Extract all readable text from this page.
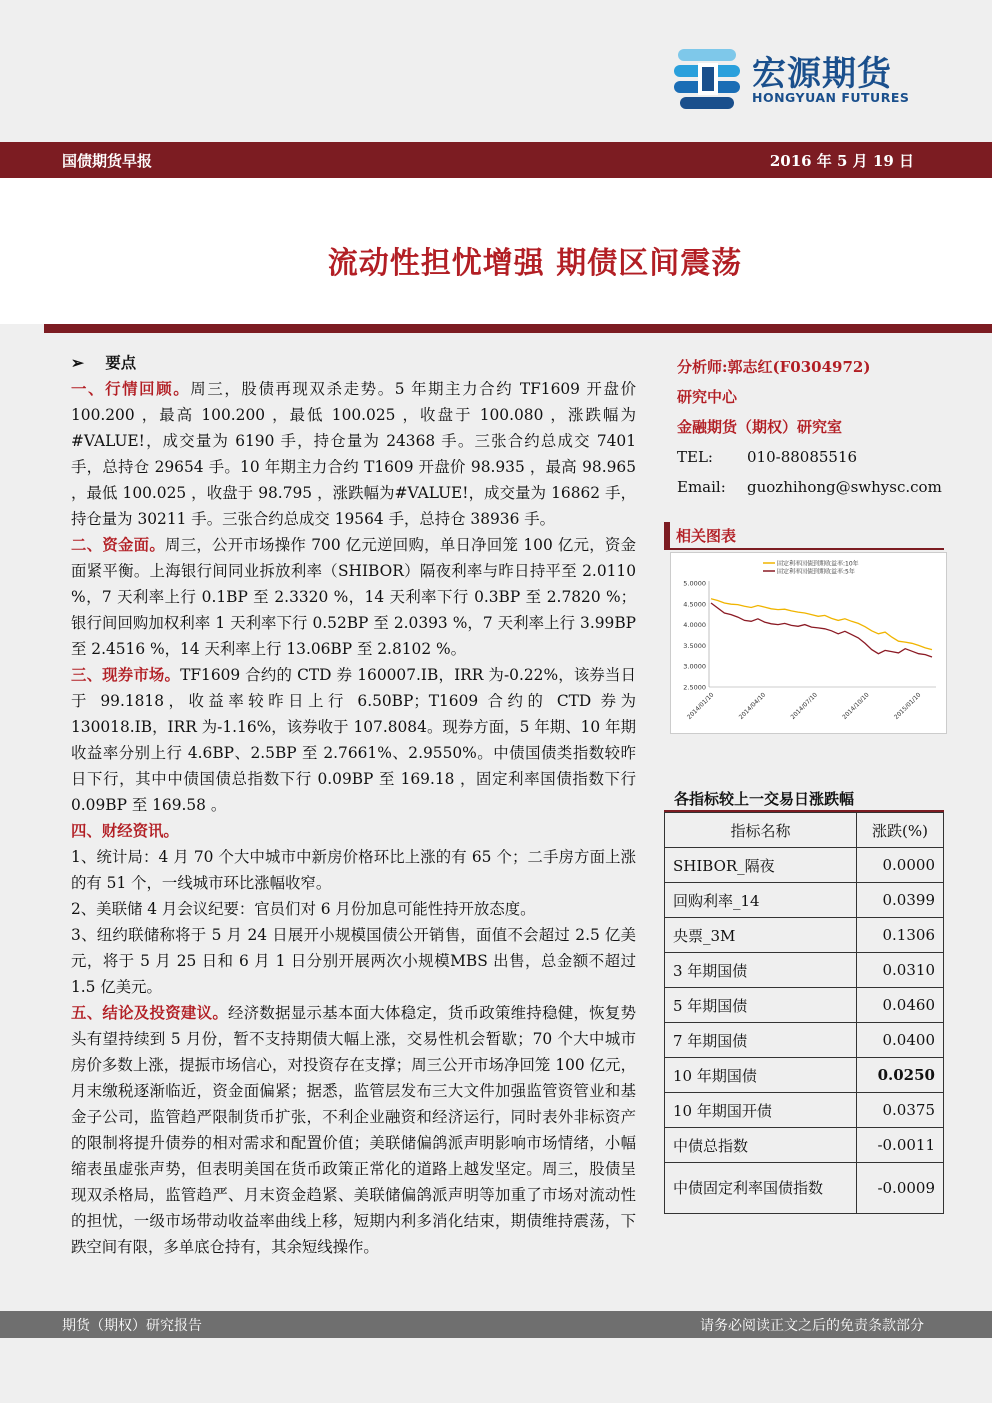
宏源期货
HONGYUAN FUTURES
国债期货早报	2016 年 5 月 19 日
流动性担忧增强 期债区间震荡

➢    要点

一、行情回顾。周三，股债再现双杀走势。5 年期主力合约 TF1609 开盘价 100.200 ，最高 100.200 ，最低 100.025 ，收盘于 100.080 ，涨跌幅为#VALUE!，成交量为 6190 手，持仓量为 24368 手。三张合约总成交 7401 手，总持仓 29654 手。10 年期主力合约 T1609 开盘价 98.935 ，最高 98.965 ，最低 100.025 ，收盘于 98.795 ，涨跌幅为#VALUE!，成交量为 16862 手，持仓量为 30211 手。三张合约总成交 19564 手，总持仓 38936 手。

二、资金面。周三，公开市场操作 700 亿元逆回购，单日净回笼 100 亿元，资金面紧平衡。上海银行间同业拆放利率（SHIBOR）隔夜利率与昨日持平至 2.0110 %，7 天利率上行 0.1BP 至 2.3320 %，14 天利率下行 0.3BP 至 2.7820 %；银行间回购加权利率 1 天利率下行 0.52BP 至 2.0393 %，7 天利率上行 3.99BP 至 2.4516 %，14 天利率上行 13.06BP 至 2.8102 %。

三、现券市场。TF1609 合约的 CTD 券 160007.IB，IRR 为-0.22%，该券当日于 99.1818，收益率较昨日上行 6.50BP；T1609 合约的 CTD 券为 130018.IB，IRR 为-1.16%，该券收于 107.8084。现券方面，5 年期、10 年期收益率分别上行 4.6BP、2.5BP 至 2.7661%、2.9550%。中债国债类指数较昨日下行，其中中债国债总指数下行 0.09BP 至 169.18 ，固定利率国债指数下行 0.09BP 至 169.58 。

四、财经资讯。

1、统计局：4 月 70 个大中城市中新房价格环比上涨的有 65 个；二手房方面上涨的有 51 个，一线城市环比涨幅收窄。

2、美联储 4 月会议纪要：官员们对 6 月份加息可能性持开放态度。

3、纽约联储称将于 5 月 24 日展开小规模国债公开销售，面值不会超过 2.5 亿美元，将于 5 月 25 日和 6 月 1 日分别开展两次小规模MBS 出售，总金额不超过 1.5 亿美元。

五、结论及投资建议。经济数据显示基本面大体稳定，货币政策维持稳健，恢复势头有望持续到 5 月份，暂不支持期债大幅上涨，交易性机会暂歇；70 个大中城市房价多数上涨，提振市场信心，对投资存在支撑；周三公开市场净回笼 100 亿元，月末缴税逐渐临近，资金面偏紧；据悉，监管层发布三大文件加强监管资管业和基金子公司，监管趋严限制货币扩张，不利企业融资和经济运行，同时表外非标资产的限制将提升债券的相对需求和配置价值；美联储偏鸽派声明影响市场情绪，小幅缩表虽虚张声势，但表明美国在货币政策正常化的道路上越发坚定。周三，股债呈现双杀格局，监管趋严、月末资金趋紧、美联储偏鸽派声明等加重了市场对流动性的担忧，一级市场带动收益率曲线上移，短期内利多消化结束，期债维持震荡，下跌空间有限，多单底仓持有，其余短线操作。

分析师:郭志红(F0304972)
研究中心
金融期货（期权）研究室
TEL:	010-88085516
Email:	guozhihong@swhysc.com
相关图表
固定利率国债到期收益率:10年
固定利率国债到期收益率:5年
5.0000
4.5000
4.0000
3.5000
3.0000
2.5000
2014/01/10	2014/04/10	2014/07/10	2014/10/10	2015/01/10
各指标较上一交易日涨跌幅
指标名称	涨跌(%)
SHIBOR_隔夜	0.0000
回购利率_14	0.0399
央票_3M	0.1306
3 年期国债	0.0310
5 年期国债	0.0460
7 年期国债	0.0400
10 年期国债	0.0250
10 年期国开债	0.0375
中债总指数	-0.0011
中债固定利率国债指数	-0.0009
期货（期权）研究报告	请务必阅读正文之后的免责条款部分
